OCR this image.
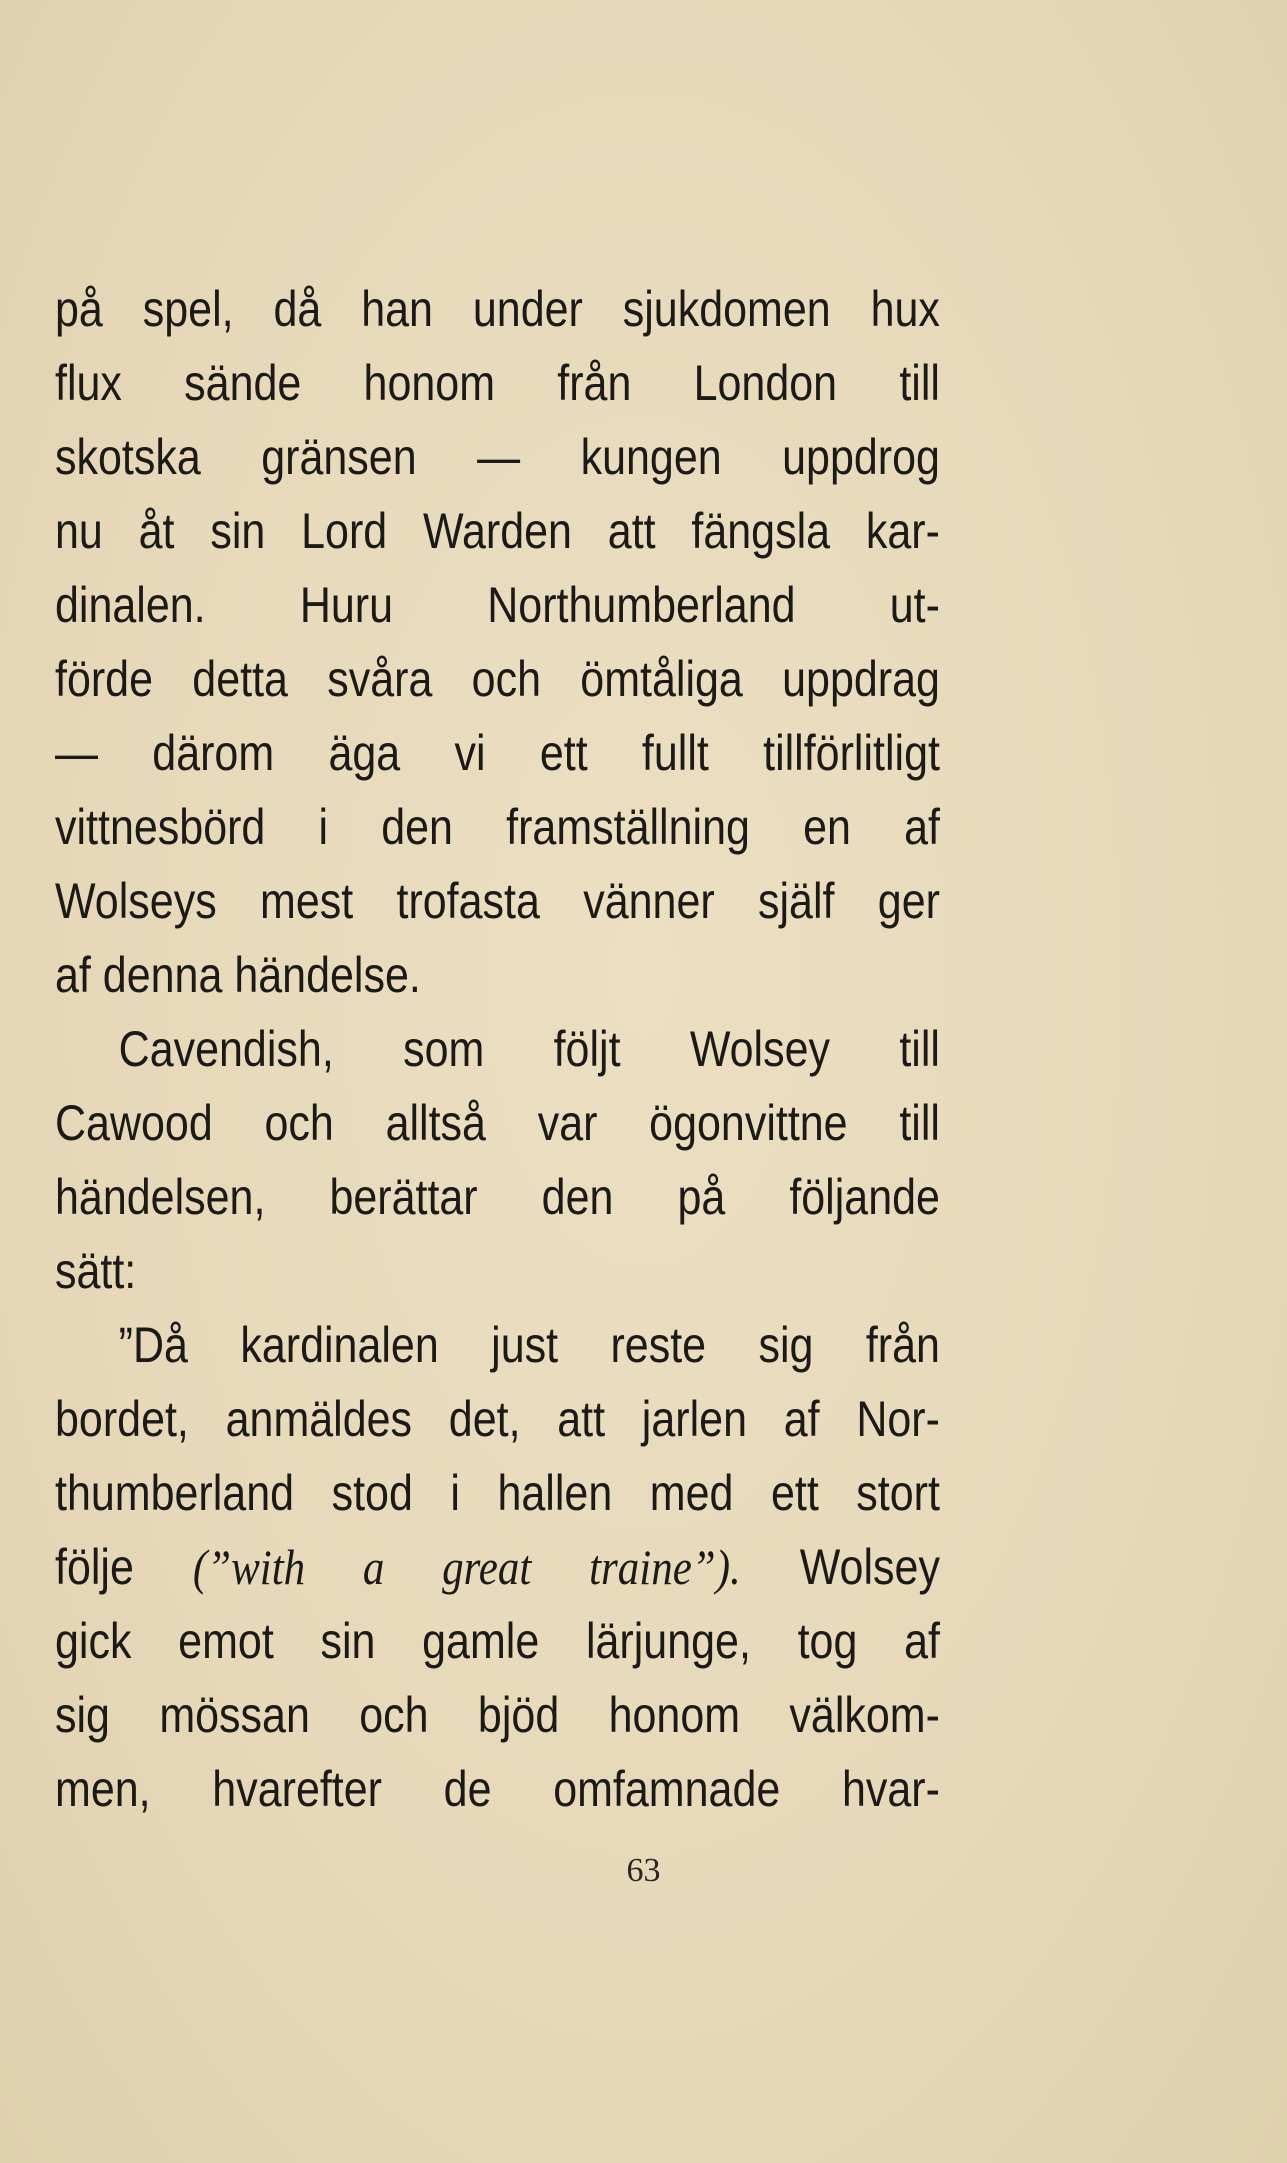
på spel, då han under sjukdomen hux
flux sände honom från London till
skotska gränsen — kungen uppdrog
nu åt sin Lord Warden att fängsla kar-
dinalen. Huru Northumberland ut-
förde detta svåra och ömtåliga uppdrag
— därom äga vi ett fullt tillförlitligt
vittnesbörd i den framställning en af
Wolseys mest trofasta vänner själf ger
af denna händelse.
Cavendish, som följt Wolsey till
Cawood och alltså var ögonvittne till
händelsen, berättar den på följande
sätt:
”Då kardinalen just reste sig från
bordet, anmäldes det, att jarlen af Nor-
thumberland stod i hallen med ett stort
följe (”with a great traine”). Wolsey
gick emot sin gamle lärjunge, tog af
sig mössan och bjöd honom välkom-
men, hvarefter de omfamnade hvar-
63
